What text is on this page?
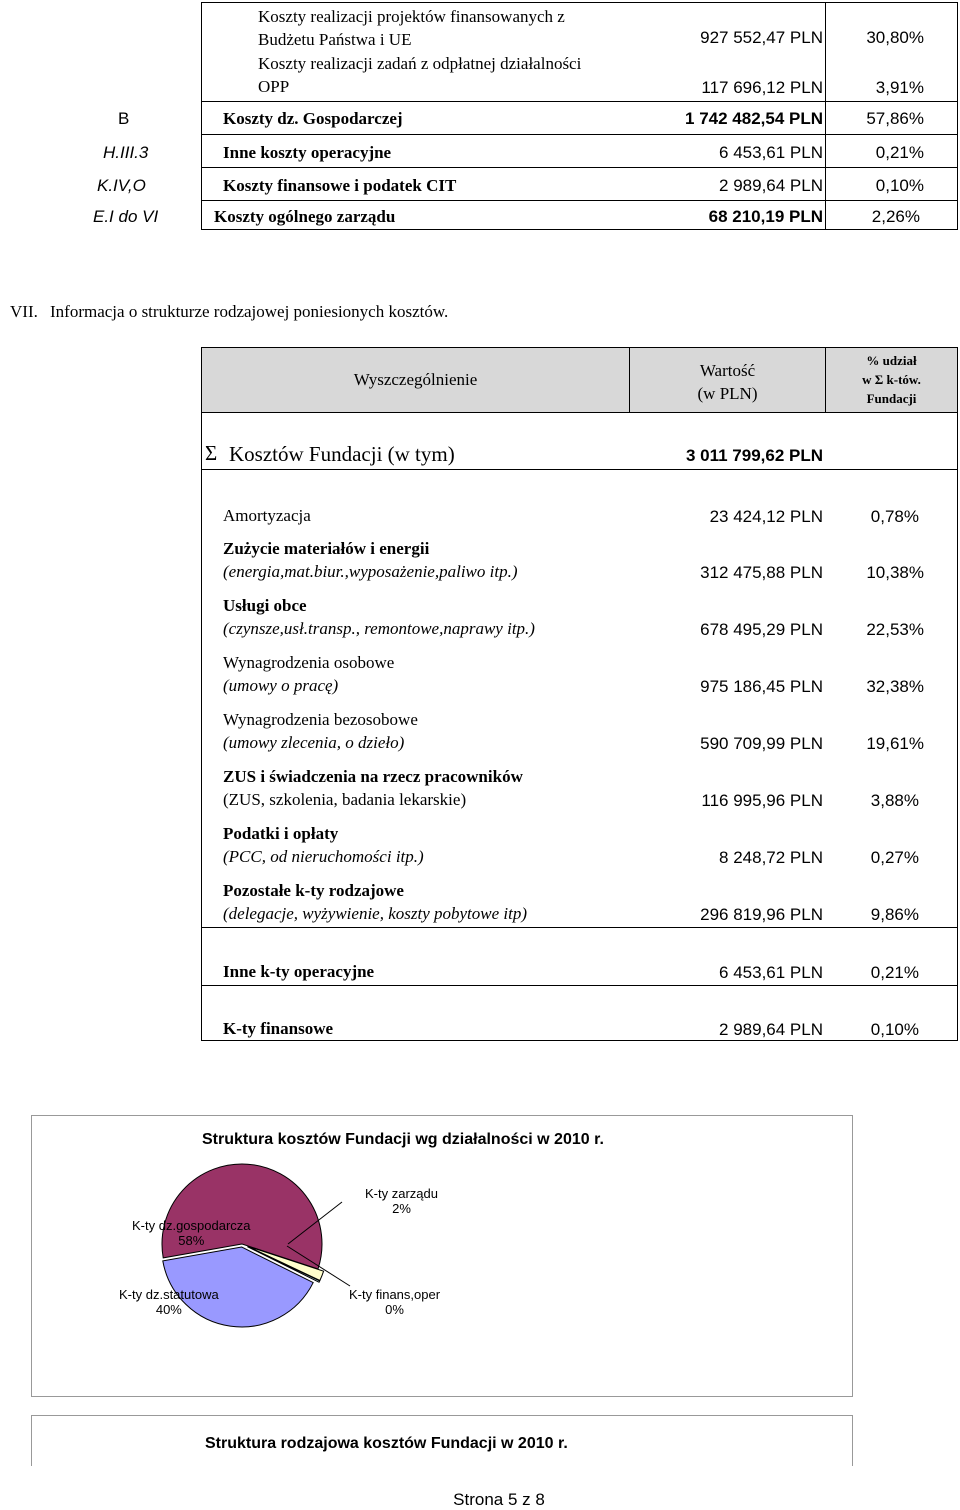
Koszty realizacji projektów finansowanych z
Budżetu Państwa i UE	927 552,47 PLN	30,80%
Koszty realizacji zadań z odpłatnej działalności
OPP	117 696,12 PLN	3,91%
B	Koszty dz. Gospodarczej	1 742 482,54 PLN	57,86%
H.III.3	Inne koszty operacyjne	6 453,61 PLN	0,21%
K.IV,O	Koszty finansowe i podatek CIT	2 989,64 PLN	0,10%
E.I do VI	Koszty ogólnego zarządu	68 210,19 PLN	2,26%
VII. Informacja o strukturze rodzajowej poniesionych kosztów.
Wyszczególnienie	Wartość
(w PLN)
% udział
w Σ k-tów.
Fundacji
Σ Kosztów Fundacji (w tym)	3 011 799,62 PLN
Amortyzacja	23 424,12 PLN	0,78%
Zużycie materiałów i energii
(energia,mat.biur.,wyposażenie,paliwo itp.)	312 475,88 PLN	10,38%
Usługi obce
(czynsze,usł.transp., remontowe,naprawy itp.)	678 495,29 PLN	22,53%
Wynagrodzenia osobowe
(umowy o pracę)	975 186,45 PLN	32,38%
Wynagrodzenia bezosobowe
(umowy zlecenia, o dzieło)	590 709,99 PLN	19,61%
ZUS i świadczenia na rzecz pracowników
(ZUS, szkolenia, badania lekarskie)	116 995,96 PLN	3,88%
Podatki i opłaty
(PCC, od nieruchomości itp.)	8 248,72 PLN	0,27%
Pozostałe k-ty rodzajowe
(delegacje, wyżywienie, koszty pobytowe itp)	296 819,96 PLN	9,86%
Inne k-ty operacyjne	6 453,61 PLN	0,21%
K-ty finansowe	2 989,64 PLN	0,10%
Struktura kosztów Fundacji wg działalności w 2010 r.
K-ty dz.gospodarcza
58%
K-ty zarządu
2%
K-ty dz.statutowa
40%
K-ty finans,oper
0%
Struktura rodzajowa kosztów Fundacji w 2010 r.
Strona 5 z 8
